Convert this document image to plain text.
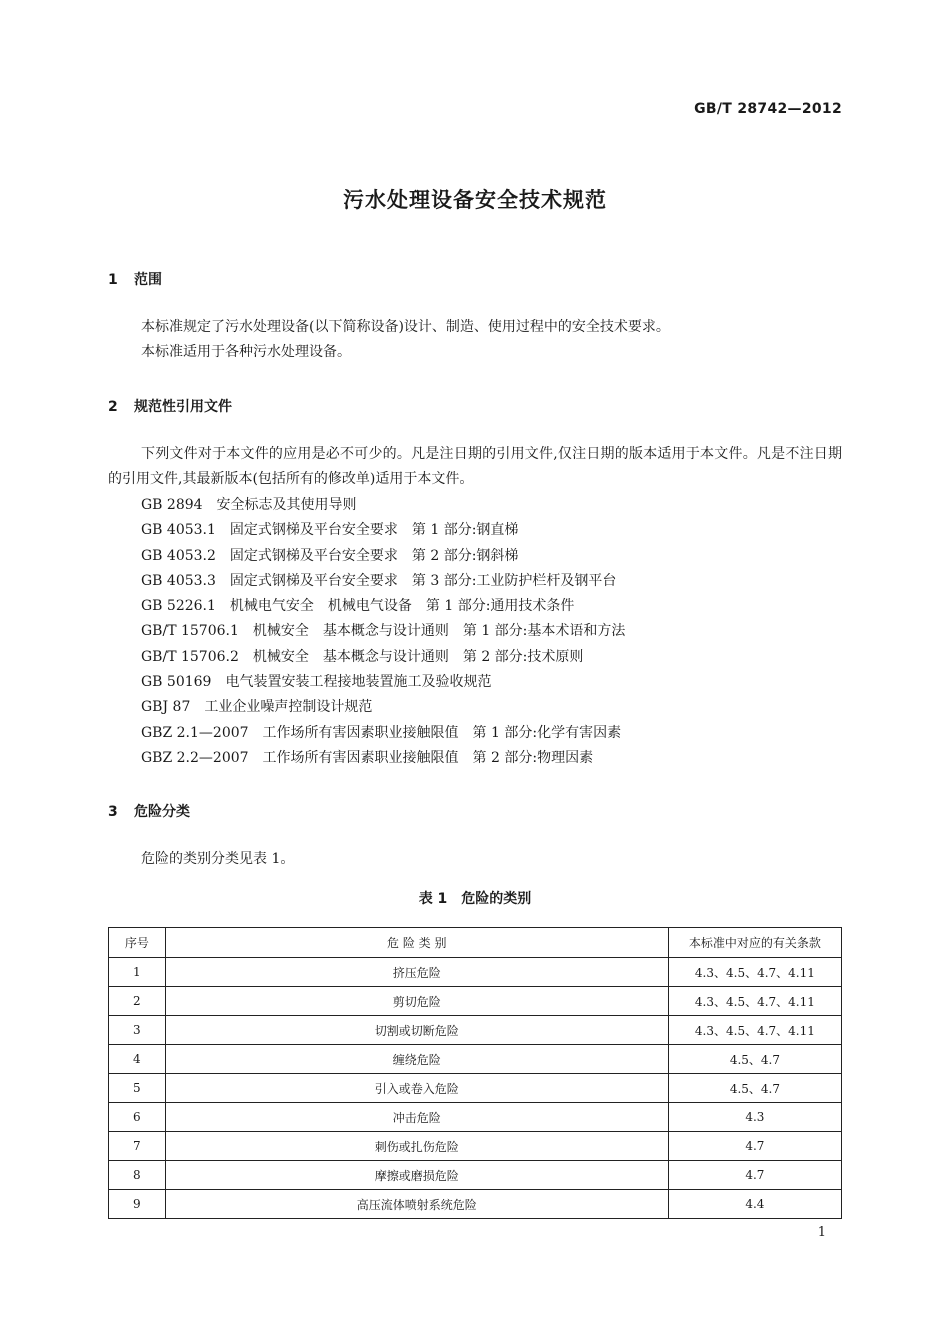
GB/T 28742—2012
污水处理设备安全技术规范
1 范围

本标准规定了污水处理设备(以下简称设备)设计、制造、使用过程中的安全技术要求。

本标准适用于各种污水处理设备。

2 规范性引用文件

下列文件对于本文件的应用是必不可少的。凡是注日期的引用文件,仅注日期的版本适用于本文件。凡是不注日期的引用文件,其最新版本(包括所有的修改单)适用于本文件。

GB 2894　安全标志及其使用导则
GB 4053.1　固定式钢梯及平台安全要求　第 1 部分:钢直梯
GB 4053.2　固定式钢梯及平台安全要求　第 2 部分:钢斜梯
GB 4053.3　固定式钢梯及平台安全要求　第 3 部分:工业防护栏杆及钢平台
GB 5226.1　机械电气安全　机械电气设备　第 1 部分:通用技术条件
GB/T 15706.1　机械安全　基本概念与设计通则　第 1 部分:基本术语和方法
GB/T 15706.2　机械安全　基本概念与设计通则　第 2 部分:技术原则
GB 50169　电气装置安装工程接地装置施工及验收规范
GBJ 87　工业企业噪声控制设计规范
GBZ 2.1—2007　工作场所有害因素职业接触限值　第 1 部分:化学有害因素
GBZ 2.2—2007　工作场所有害因素职业接触限值　第 2 部分:物理因素
3 危险分类

危险的类别分类见表 1。

表 1　危险的类别
序号	危 险 类 别	本标准中对应的有关条款
1	挤压危险	4.3、4.5、4.7、4.11
2	剪切危险	4.3、4.5、4.7、4.11
3	切割或切断危险	4.3、4.5、4.7、4.11
4	缠绕危险	4.5、4.7
5	引入或卷入危险	4.5、4.7
6	冲击危险	4.3
7	刺伤或扎伤危险	4.7
8	摩擦或磨损危险	4.7
9	高压流体喷射系统危险	4.4
1
